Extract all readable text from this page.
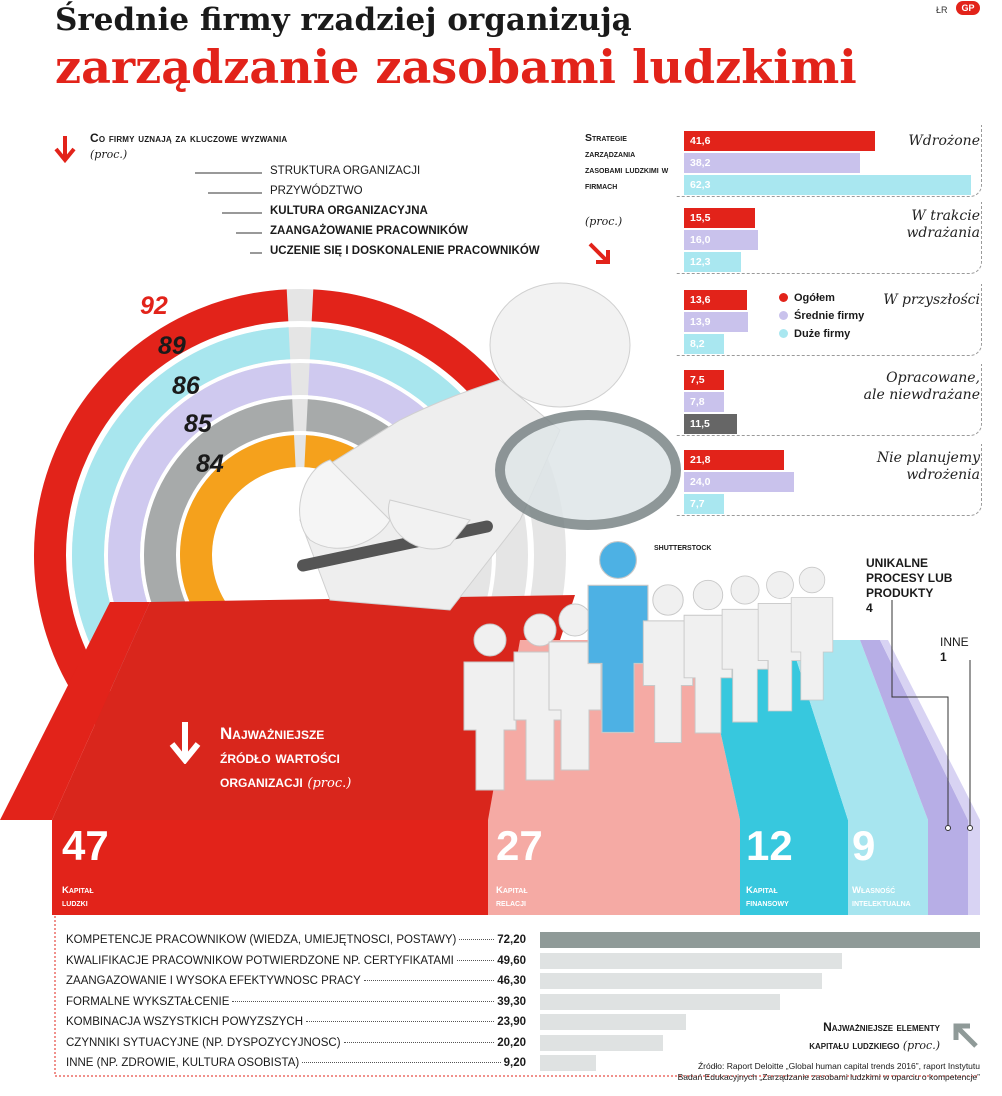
Średnie firmy rzadziej organizują
zarządzanie zasobami ludzkimi
ŁR	GP
Co firmy uznają za kluczowe wyzwania
(proc.)
STRUKTURA ORGANIZACJI
PRZYWÓDZTWO
KULTURA ORGANIZACYJNA
ZAANGAŻOWANIE PRACOWNIKÓW
UCZENIE SIĘ I DOSKONALENIE PRACOWNIKÓW
92
89
86
85
84
Strategie zarządzania zasobami ludzkimi w firmach
(proc.)
41,6
38,2
62,3
Wdrożone
15,5
16,0
12,3
W trakcie
wdrażania
13,6
13,9
8,2
W przyszłości
7,5
7,8
11,5
Opracowane,
ale niewdrażane
21,8
24,0
7,7
Nie planujemy
wdrożenia
Ogółem
Średnie firmy
Duże firmy
SHUTTERSTOCK
Najważniejsze
źródło wartości
organizacji (proc.)
47
Kapitał
ludzki
27
Kapitał
relacji
12
Kapitał
finansowy
9
Własność
intelektualna
UNIKALNE
PROCESY LUB
PRODUKTY
4
INNE
1
KOMPETENCJE PRACOWNIKÓW (WIEDZA, UMIEJĘTNOŚCI, POSTAWY)	72,20
KWALIFIKACJE PRACOWNIKÓW POTWIERDZONE NP. CERTYFIKATAMI	49,60
ZAANGAŻOWANIE I WYSOKA EFEKTYWNOŚĆ PRACY	46,30
FORMALNE WYKSZTAŁCENIE	39,30
KOMBINACJA WSZYSTKICH POWYŻSZYCH	23,90
CZYNNIKI SYTUACYJNE (NP. DYSPOZYCYJNOŚĆ)	20,20
INNE (NP. ZDROWIE, KULTURA OSOBISTA)	9,20
Najważniejsze elementy
kapitału ludzkiego (proc.)
Źródło: Raport Deloitte „Global human capital trends 2016”, raport Instytutu
Badań Edukacyjnych „Zarządzanie zasobami ludzkimi w oparciu o kompetencje”
